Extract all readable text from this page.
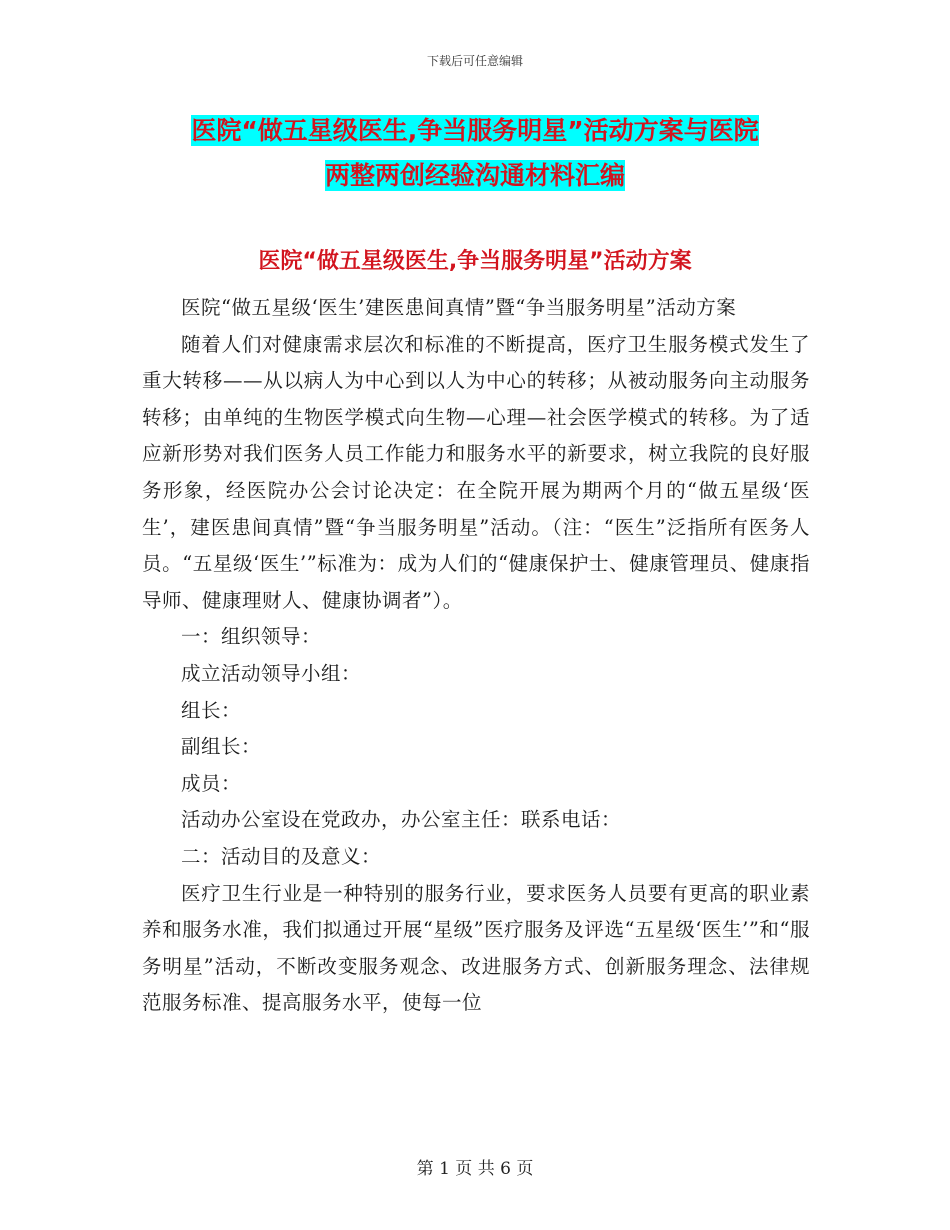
下载后可任意编辑
医院“做五星级医生,争当服务明星”活动方案与医院
两整两创经验沟通材料汇编
医院“做五星级医生,争当服务明星”活动方案

医院“做五星级‘医生’建医患间真情”暨“争当服务明星”活动方案

随着人们对健康需求层次和标准的不断提高，医疗卫生服务模式发生了重大转移——从以病人为中心到以人为中心的转移；从被动服务向主动服务转移；由单纯的生物医学模式向生物—心理—社会医学模式的转移。为了适应新形势对我们医务人员工作能力和服务水平的新要求，树立我院的良好服务形象，经医院办公会讨论决定：在全院开展为期两个月的“做五星级‘医生’，建医患间真情”暨“争当服务明星”活动。（注：“医生”泛指所有医务人员。“五星级‘医生’”标准为：成为人们的“健康保护士、健康管理员、健康指导师、健康理财人、健康协调者”）。

一：组织领导：

成立活动领导小组：

组长：

副组长：

成员：

活动办公室设在党政办，办公室主任：联系电话：

二：活动目的及意义：

医疗卫生行业是一种特别的服务行业，要求医务人员要有更高的职业素养和服务水准，我们拟通过开展“星级”医疗服务及评选“五星级‘医生’”和“服务明星”活动，不断改变服务观念、改进服务方式、创新服务理念、法律规范服务标准、提高服务水平，使每一位

第 1 页 共 6 页
